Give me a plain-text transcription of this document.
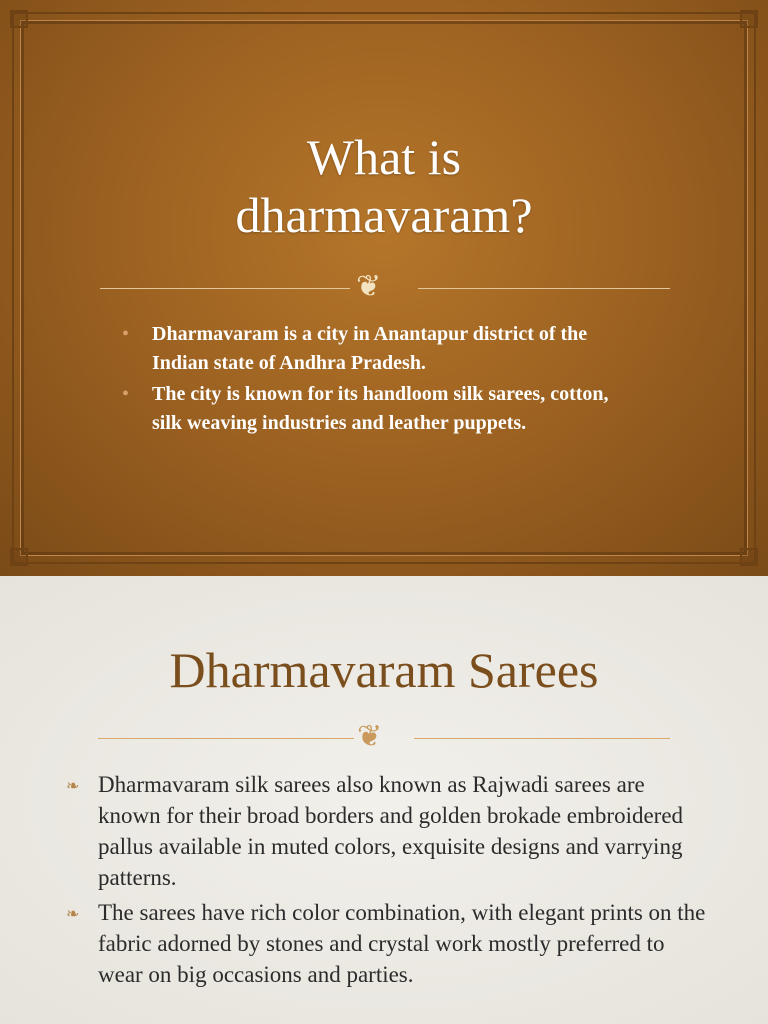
What is
dharmavaram?
❦
• Dharmavaram is a city in Anantapur district of the Indian state of Andhra Pradesh.
• The city is known for its handloom silk sarees, cotton, silk weaving industries and leather puppets.
Dharmavaram Sarees
❦
❧ Dharmavaram silk sarees also known as Rajwadi sarees are known for their broad borders and golden brokade embroidered pallus available in muted colors, exquisite designs and varrying patterns.
❧ The sarees have rich color combination, with elegant prints on the fabric adorned by stones and crystal work mostly preferred to wear on big occasions and parties.
